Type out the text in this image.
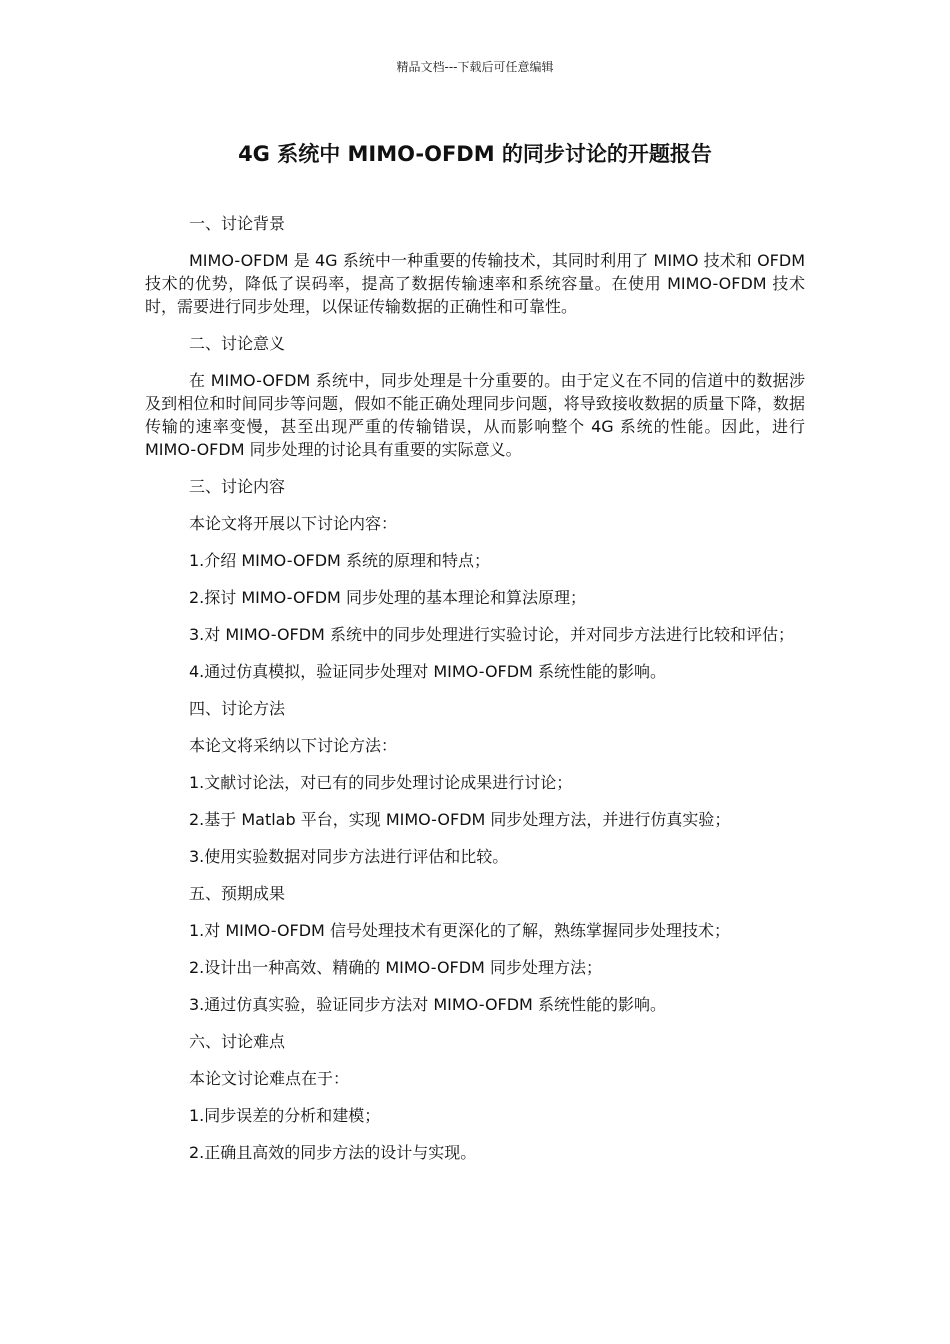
精品文档---下载后可任意编辑
4G 系统中 MIMO-OFDM 的同步讨论的开题报告

一、讨论背景

MIMO-OFDM 是 4G 系统中一种重要的传输技术，其同时利用了 MIMO 技术和 OFDM 技术的优势，降低了误码率，提高了数据传输速率和系统容量。在使用 MIMO-OFDM 技术时，需要进行同步处理，以保证传输数据的正确性和可靠性。

二、讨论意义

在 MIMO-OFDM 系统中，同步处理是十分重要的。由于定义在不同的信道中的数据涉及到相位和时间同步等问题，假如不能正确处理同步问题，将导致接收数据的质量下降，数据传输的速率变慢，甚至出现严重的传输错误，从而影响整个 4G 系统的性能。因此，进行 MIMO-OFDM 同步处理的讨论具有重要的实际意义。

三、讨论内容

本论文将开展以下讨论内容：

1.介绍 MIMO-OFDM 系统的原理和特点；

2.探讨 MIMO-OFDM 同步处理的基本理论和算法原理；

3.对 MIMO-OFDM 系统中的同步处理进行实验讨论，并对同步方法进行比较和评估；

4.通过仿真模拟，验证同步处理对 MIMO-OFDM 系统性能的影响。

四、讨论方法

本论文将采纳以下讨论方法：

1.文献讨论法，对已有的同步处理讨论成果进行讨论；

2.基于 Matlab 平台，实现 MIMO-OFDM 同步处理方法，并进行仿真实验；

3.使用实验数据对同步方法进行评估和比较。

五、预期成果

1.对 MIMO-OFDM 信号处理技术有更深化的了解，熟练掌握同步处理技术；

2.设计出一种高效、精确的 MIMO-OFDM 同步处理方法；

3.通过仿真实验，验证同步方法对 MIMO-OFDM 系统性能的影响。

六、讨论难点

本论文讨论难点在于：

1.同步误差的分析和建模；

2.正确且高效的同步方法的设计与实现。
